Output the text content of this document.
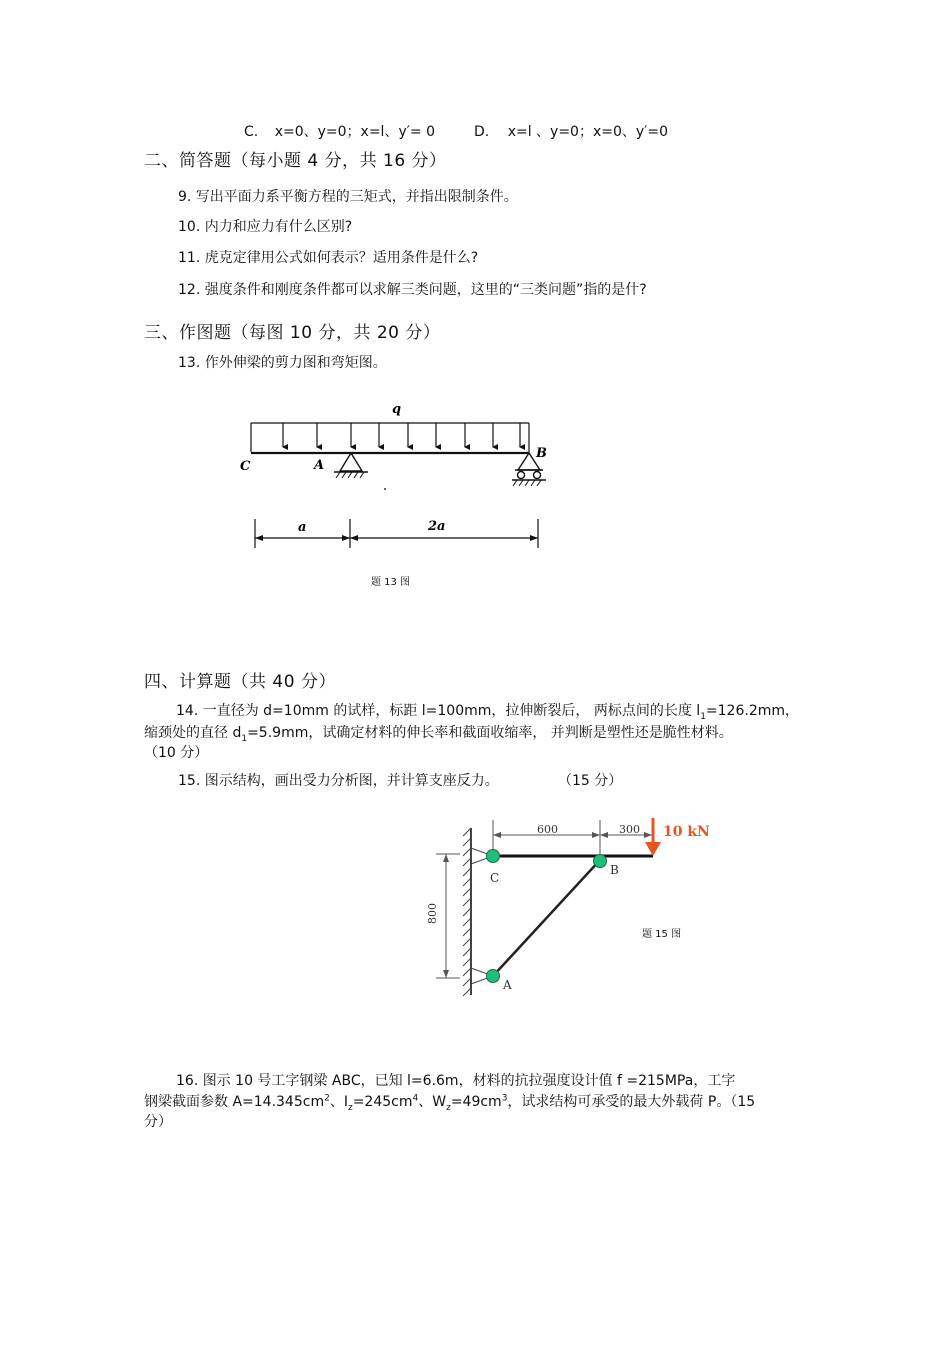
C. x=0、y=0；x=l、y′= 0	D. x=l 、y=0；x=0、y′=0
二、简答题（每小题 4 分，共 16 分）
9. 写出平面力系平衡方程的三矩式，并指出限制条件。
10. 内力和应力有什么区别?
11. 虎克定律用公式如何表示？适用条件是什么?
12. 强度条件和刚度条件都可以求解三类问题，这里的“三类问题”指的是什?
三、作图题（每图 10 分，共 20 分）
13. 作外伸梁的剪力图和弯矩图。
q
C	A
B
a	2a
题 13 图
四、计算题（共 40 分）
14. 一直径为 d=10mm 的试样，标距 l=100mm，拉伸断裂后， 两标点间的长度 $l_1=126.2mm$，
缩颈处的直径 $d_1=5.9mm$，试确定材料的伸长率和截面收缩率， 并判断是塑性还是脆性材料。
（10 分）
15. 图示结构，画出受力分析图，并计算支座反力。	（15 分）
800
600	300 10 kN
C
B
A
题 15 图
16. 图示 10 号工字钢梁 ABC，已知 l=6.6m，材料的抗拉强度设计值 f =215MPa，工字
钢梁截面参数 $A=14.345cm^2$、$I_z=245cm^4$、$W_z=49cm^3$，试求结构可承受的最大外载荷 P。（15
分）
